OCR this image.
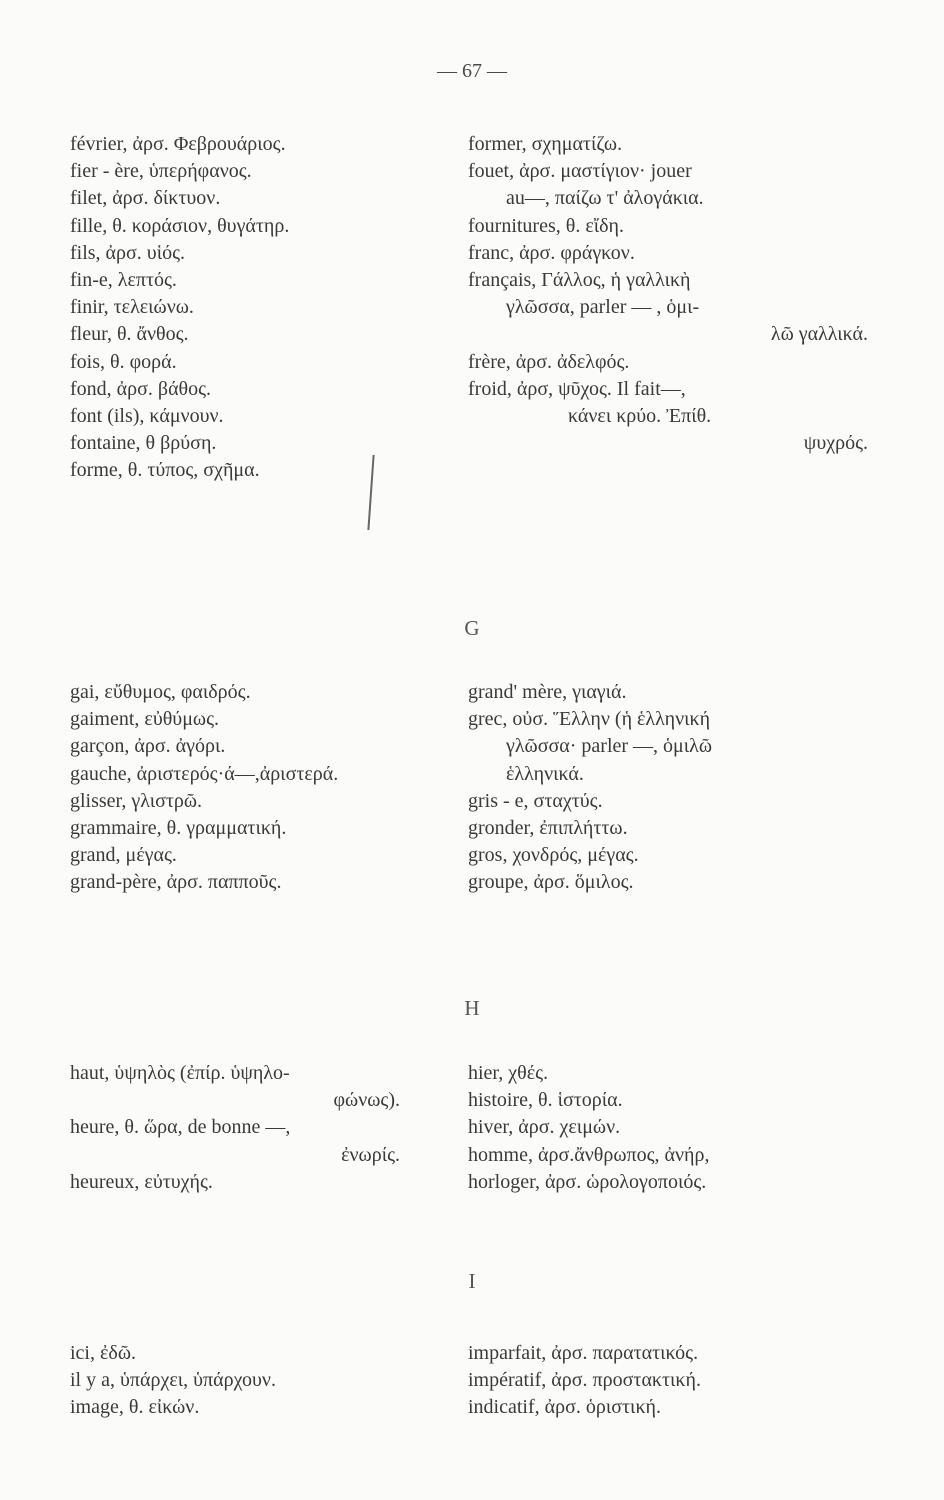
— 67 —
février, ἀρσ. Φεβρουάριος.
fier - ère, ὑπερήφανος.
filet, ἀρσ. δίκτυον.
fille, θ. κοράσιον, θυγάτηρ.
fils, ἀρσ. υἱός.
fin-e, λεπτός.
finir, τελειώνω.
fleur, θ. ἄνθος.
fois, θ. φορά.
fond, ἀρσ. βάθος.
font (ils), κάμνουν.
fontaine, θ βρύση.
forme, θ. τύπος, σχῆμα.
former, σχηματίζω.
fouet, ἀρσ. μαστίγιον· jouer
au—, παίζω τ' ἀλογάκια.
fournitures, θ. εἴδη.
franc, ἀρσ. φράγκον.
français, Γάλλος, ἡ γαλλικὴ
γλῶσσα, parler — , ὁμι-
λῶ γαλλικά.
frère, ἀρσ. ἀδελφός.
froid, ἀρσ, ψῦχος. Il fait—,
κάνει κρύο. Ἐπίθ.
ψυχρός.
G
gai, εὔθυμος, φαιδρός.
gaiment, εὐθύμως.
garçon, ἀρσ. ἀγόρι.
gauche, ἀριστερός·ά—,ἀριστερά.
glisser, γλιστρῶ.
grammaire, θ. γραμματική.
grand, μέγας.
grand-père, ἀρσ. παπποῦς.
grand' mère, γιαγιά.
grec, οὐσ. Ἕλλην (ἡ ἑλληνική
γλῶσσα· parler —, ὁμιλῶ
ἑλληνικά.
gris - e, σταχτύς.
gronder, ἐπιπλήττω.
gros, χονδρός, μέγας.
groupe, ἀρσ. ὅμιλος.
H
haut, ὑψηλὸς (ἐπίρ. ὑψηλο-
φώνως).
heure, θ. ὥρα, de bonne —,
ἐνωρίς.
heureux, εὐτυχής.
hier, χθές.
histoire, θ. ἱστορία.
hiver, ἀρσ. χειμών.
homme, ἀρσ.ἄνθρωπος, ἀνήρ,
horloger, ἀρσ. ὡρολογοποιός.
I
ici, ἐδῶ.
il y a, ὑπάρχει, ὑπάρχουν.
image, θ. εἰκών.
imparfait, ἀρσ. παρατατικός.
impératif, ἀρσ. προστακτική.
indicatif, ἀρσ. ὁριστική.
